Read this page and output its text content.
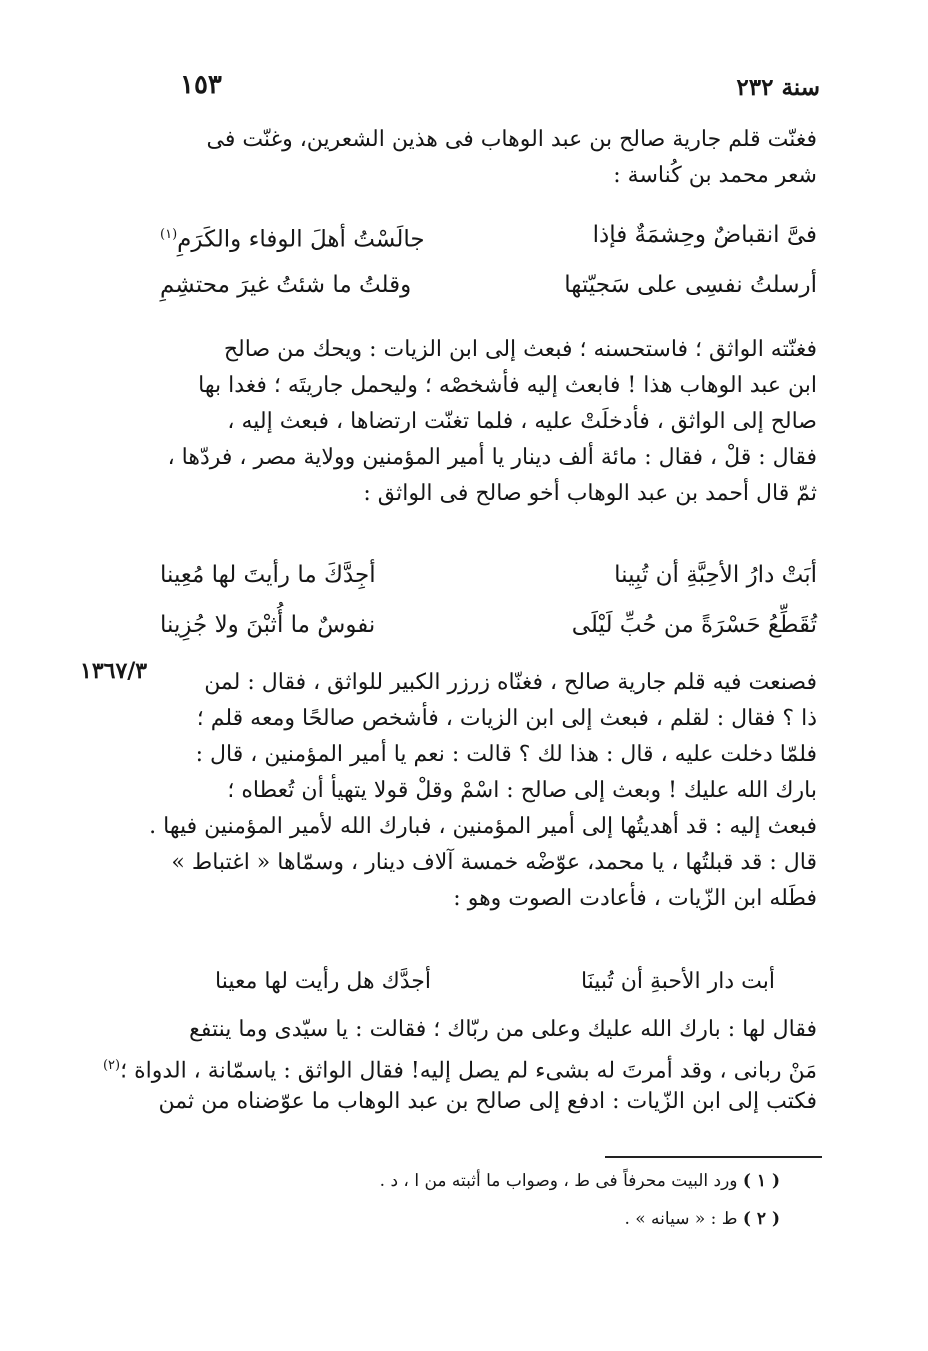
١٥٣	سنة ٢٣٢
فغنّت قلم جارية صالح بن عبد الوهاب فى هذين الشعرين، وغنّت فى
شعر محمد بن كُناسة :
فىَّ انقباضٌ وحِشمَةٌ فإذا
جالَسْتُ أهلَ الوفاء والكَرَمِ$^{(١)}$
أرسلتُ نفسِى على سَجيّتها
وقلتُ ما شئتُ غيرَ محتشِمِ
فغنّته الواثق ؛ فاستحسنه ؛ فبعث إلى ابن الزيات : ويحك من صالح
ابن عبد الوهاب هذا ! فابعث إليه فأشخصْه ؛ وليحمل جاريتَه ؛ فغدا بها
صالح إلى الواثق ، فأدخلَتْ عليه ، فلما تغنّت ارتضاها ، فبعث إليه ،
فقال : قلْ ، فقال : مائة ألف دينار يا أمير المؤمنين وولاية مصر ، فردّها ،
ثمّ قال أحمد بن عبد الوهاب أخو صالح فى الواثق :
أبَتْ دارُ الأحِبَّةِ أن تُبِينا
أجِدَّكَ ما رأيتَ لها مُعِينا
تُقَطِّعُ حَسْرَةً من حُبِّ لَيْلَى
نفوسٌ ما أُثبْنَ ولا جُزِينا
١٣٦٧/٣	فصنعت فيه قلم جارية صالح ، فغنّاه زرزر الكبير للواثق ، فقال : لمن
ذا ؟ فقال : لقلم ، فبعث إلى ابن الزيات ، فأشخص صالحًا ومعه قلم ؛
فلمّا دخلت عليه ، قال : هذا لك ؟ قالت : نعم يا أمير المؤمنين ، قال :
بارك الله عليك ! وبعث إلى صالح : اسْمْ وقلْ قولا يتهيأ أن تُعطاه ؛
فبعث إليه : قد أهديتُها إلى أمير المؤمنين ، فبارك الله لأمير المؤمنين فيها .
قال : قد قبلتُها ، يا محمد، عوّضْه خمسة آلاف دينار ، وسمّاها « اغتباط »
فطَله ابن الزّيات ، فأعادت الصوت وهو :
أبت دار الأحبةِ أن تُبينَا
أجدَّك هل رأيت لها معينا
فقال لها : بارك الله عليك وعلى من ربّاك ؛ فقالت : يا سيّدى وما ينتفع
مَنْ ربانى ، وقد أمرتَ له بشىء لم يصل إليه! فقال الواثق : ياسمّانة ، الدواة ؛$^{(٢)}$
فكتب إلى ابن الزّيات : ادفع إلى صالح بن عبد الوهاب ما عوّضناه من ثمن
( ١ ) ورد البيت محرفاً فى ط ، وصواب ما أثبته من ا ، د .
( ٢ ) ط : « سيانه » .
